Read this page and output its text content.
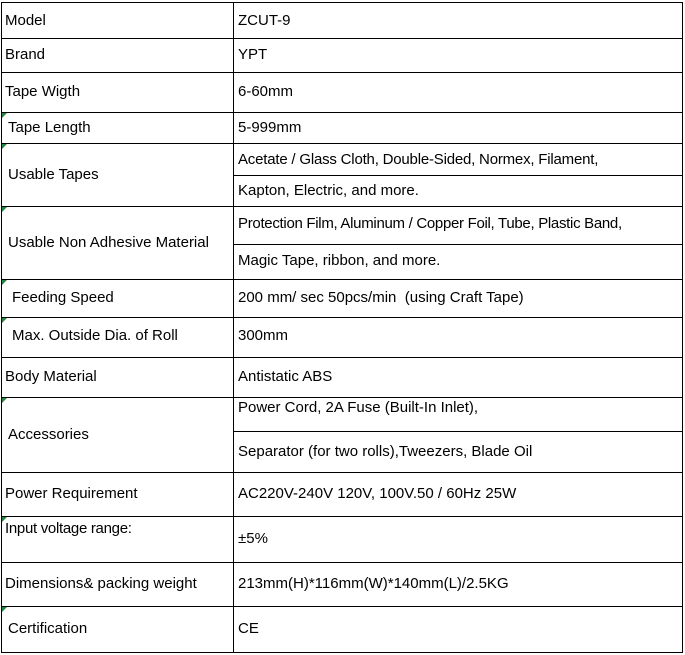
Model
Brand
Tape Wigth
Tape Length
Usable Tapes
Usable Non Adhesive Material
Feeding Speed
Max. Outside Dia. of Roll
Body Material
Accessories
Power Requirement
Input voltage range:
Dimensions& packing weight
Certification
ZCUT-9
YPT
6-60mm
5-999mm
Acetate / Glass Cloth, Double-Sided, Normex, Filament,
Kapton, Electric, and more.
Protection Film, Aluminum / Copper Foil, Tube, Plastic Band,
Magic Tape, ribbon, and more.
200 mm/ sec 50pcs/min  (using Craft Tape)
300mm
Antistatic ABS
Power Cord, 2A Fuse (Built-In Inlet),
Separator (for two rolls),Tweezers, Blade Oil
AC220V-240V 120V, 100V.50 / 60Hz 25W
±5%
213mm(H)*116mm(W)*140mm(L)/2.5KG
CE
